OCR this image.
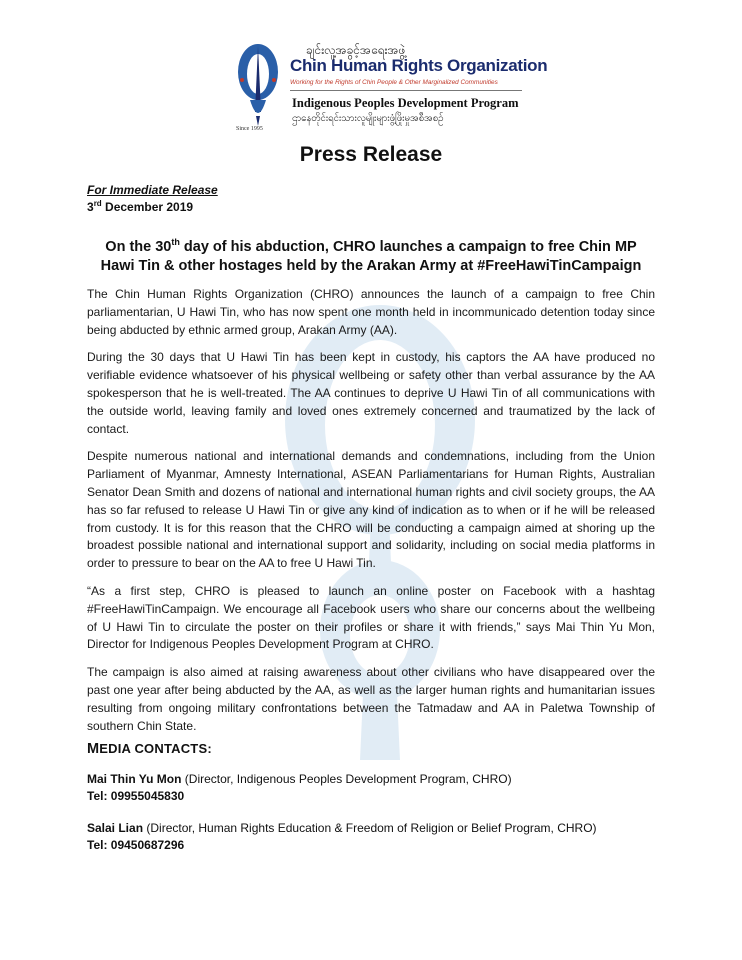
Since 1995
ချင်းလူ့အခွင့်အရေးအဖွဲ့
Chin Human Rights Organization
Working for the Rights of Chin People & Other Marginalized Communities
Indigenous Peoples Development Program
ဌာနေတိုင်းရင်းသားလူမျိုးများဖွံ့ဖြိုးမှုအစီအစဉ်
Press Release
For Immediate Release
3rd December 2019
On the 30th day of his abduction, CHRO launches a campaign to free Chin MP
Hawi Tin & other hostages held by the Arakan Army at #FreeHawiTinCampaign

The Chin Human Rights Organization (CHRO) announces the launch of a campaign to free Chin parliamentarian, U Hawi Tin, who has now spent one month held in incommunicado detention today since being abducted by ethnic armed group, Arakan Army (AA).

During the 30 days that U Hawi Tin has been kept in custody, his captors the AA have produced no verifiable evidence whatsoever of his physical wellbeing or safety other than verbal assurance by the AA spokesperson that he is well-treated. The AA continues to deprive U Hawi Tin of all communications with the outside world, leaving family and loved ones extremely concerned and traumatized by the lack of contact.

Despite numerous national and international demands and condemnations, including from the Union Parliament of Myanmar, Amnesty International, ASEAN Parliamentarians for Human Rights, Australian Senator Dean Smith and dozens of national and international human rights and civil society groups, the AA has so far refused to release U Hawi Tin or give any kind of indication as to when or if he will be released from custody. It is for this reason that the CHRO will be conducting a campaign aimed at shoring up the broadest possible national and international support and solidarity, including on social media platforms in order to pressure to bear on the AA to free U Hawi Tin.

“As a first step, CHRO is pleased to launch an online poster on Facebook with a hashtag #FreeHawiTinCampaign. We encourage all Facebook users who share our concerns about the wellbeing of U Hawi Tin to circulate the poster on their profiles or share it with friends,” says Mai Thin Yu Mon, Director for Indigenous Peoples Development Program at CHRO.

The campaign is also aimed at raising awareness about other civilians who have disappeared over the past one year after being abducted by the AA, as well as the larger human rights and humanitarian issues resulting from ongoing military confrontations between the Tatmadaw and AA in Paletwa Township of southern Chin State.

MEDIA CONTACTS:
Mai Thin Yu Mon (Director, Indigenous Peoples Development Program, CHRO)
Tel: 09955045830
Salai Lian (Director, Human Rights Education & Freedom of Religion or Belief Program, CHRO)
Tel: 09450687296
